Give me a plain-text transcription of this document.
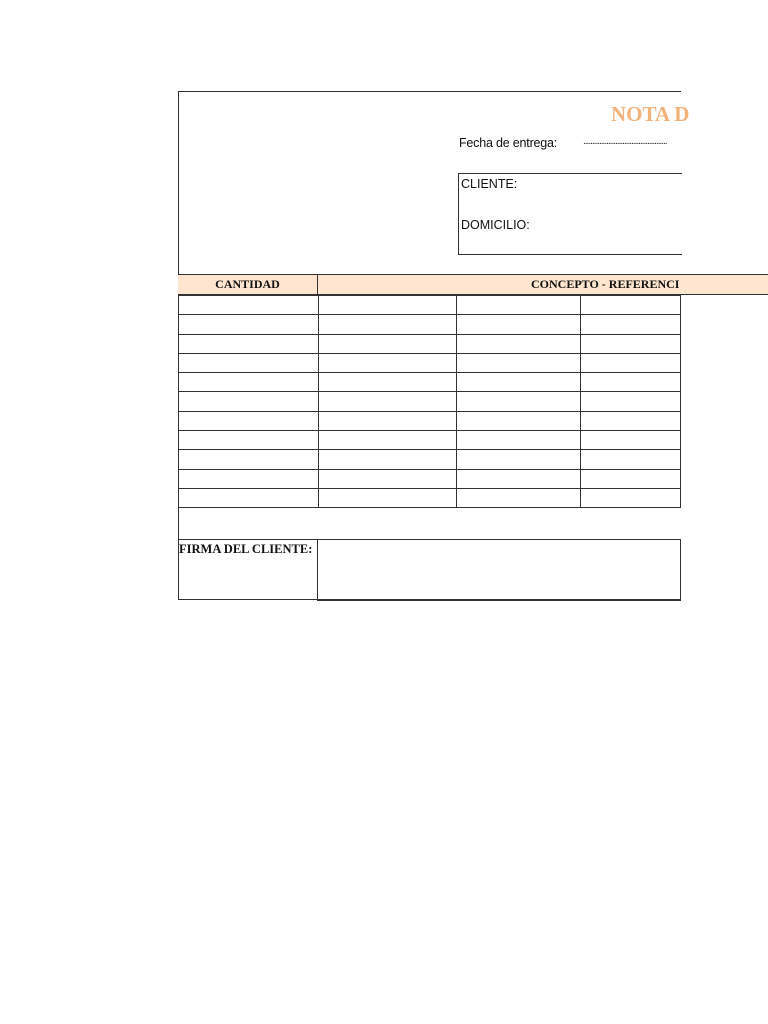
NOTA D
Fecha de entrega:	...............................................
CLIENTE:
DOMICILIO:
CANTIDAD	CONCEPTO - REFERENCI

FIRMA DEL CLIENTE:
